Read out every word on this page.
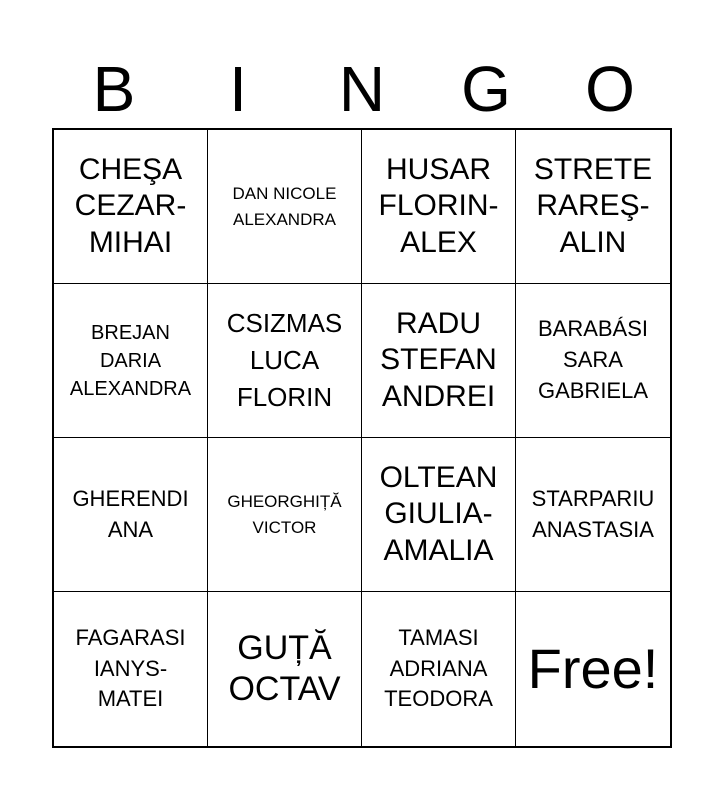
B	I	N	G	O
CHEŞA
CEZAR-
MIHAI
DAN NICOLE
ALEXANDRA
HUSAR
FLORIN-
ALEX
STRETE
RAREŞ-
ALIN
BREJAN
DARIA
ALEXANDRA
CSIZMAS
LUCA
FLORIN
RADU
STEFAN
ANDREI
BARABÁSI
SARA
GABRIELA
GHERENDI
ANA
GHEORGHIȚĂ
VICTOR
OLTEAN
GIULIA-
AMALIA
STARPARIU
ANASTASIA
FAGARASI
IANYS-
MATEI
GUȚĂ
OCTAV
TAMASI
ADRIANA
TEODORA Free!
